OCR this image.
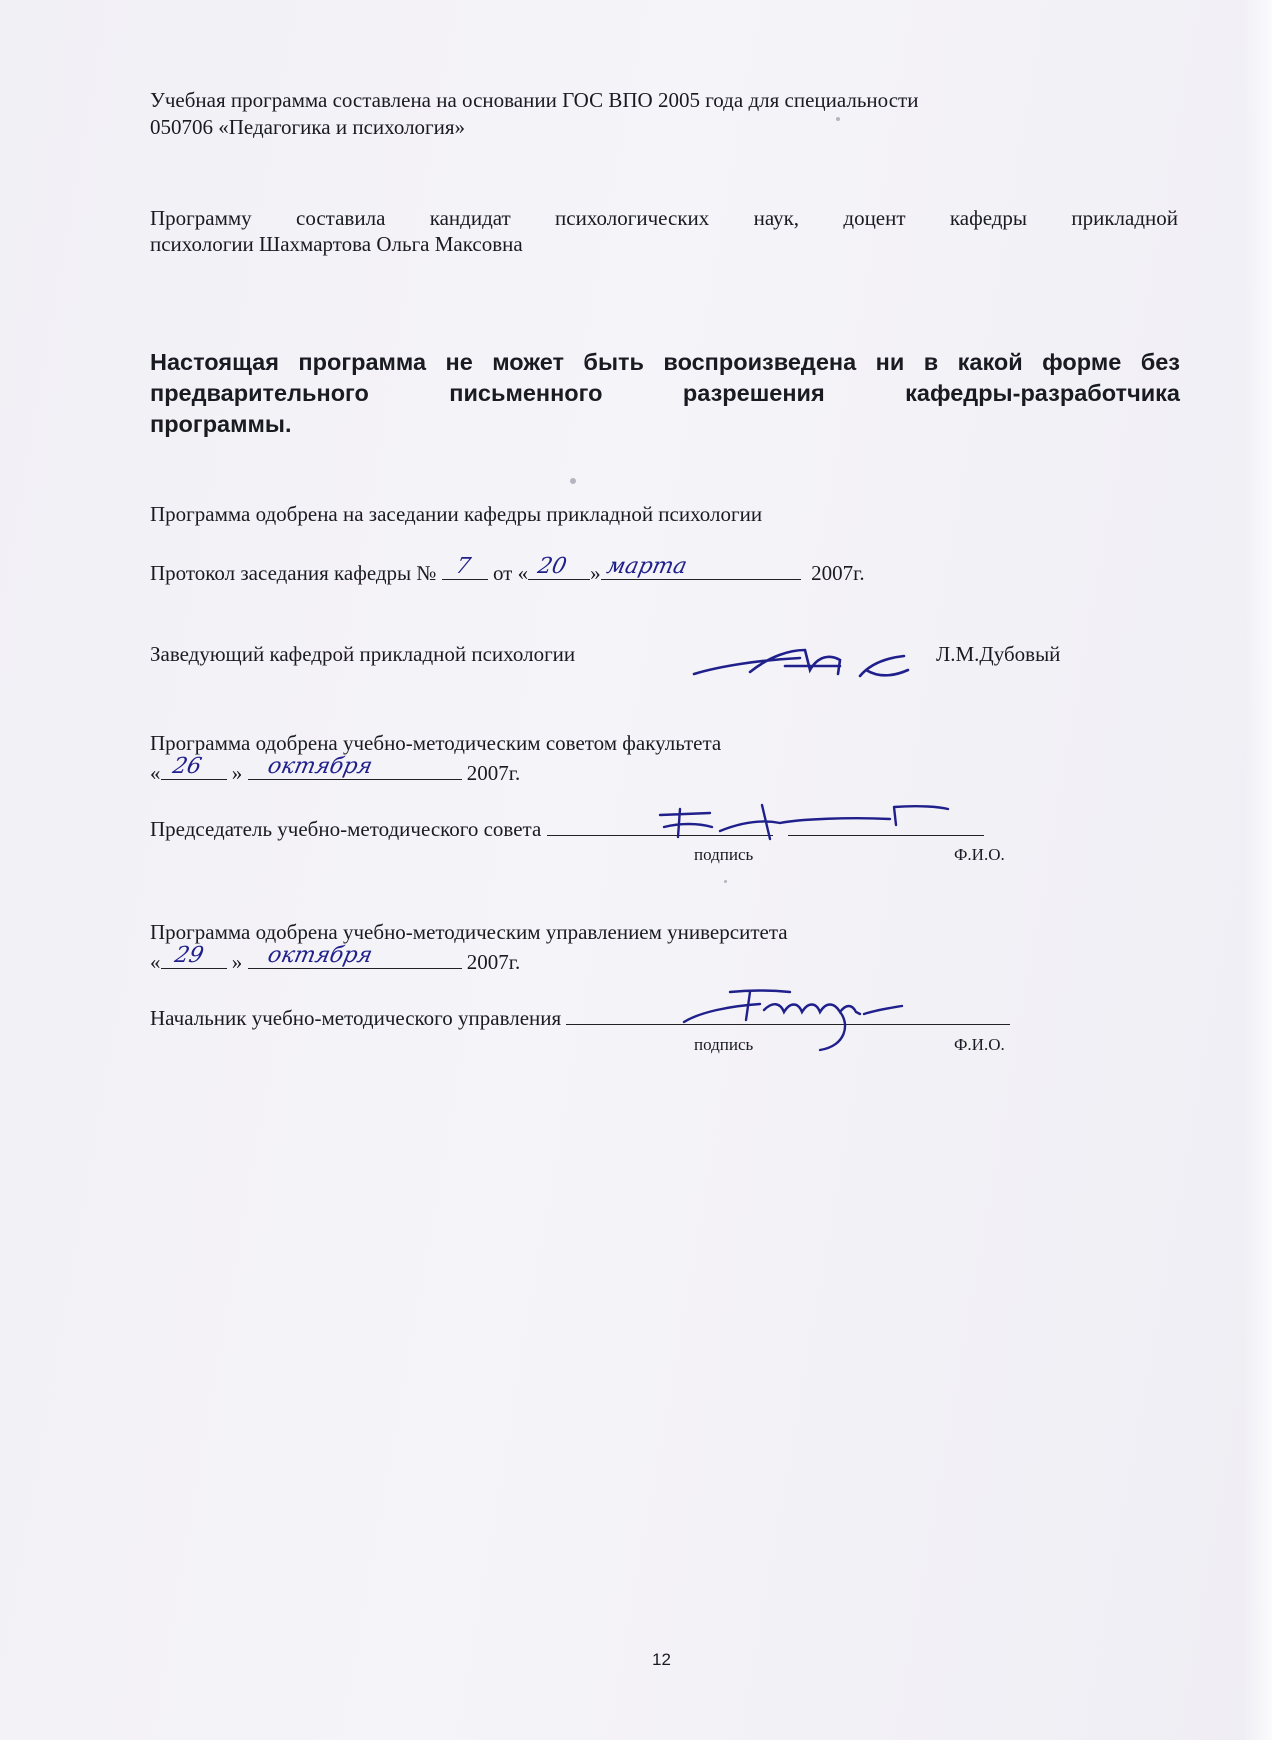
Учебная программа составлена на основании ГОС ВПО 2005 года для специальности
050706 «Педагогика и психология»
Программу составила кандидат психологических наук, доцент кафедры прикладной
психологии Шахмартова Ольга Максовна
Настоящая программа не может быть воспроизведена ни в какой форме без
предварительного письменного разрешения кафедры-разработчика
программы.
Программа одобрена на заседании кафедры прикладной психологии
Протокол заседания кафедры № 7 от « 20 » марта	2007г.
Заведующий кафедрой прикладной психологии	Л.М.Дубовый
Программа одобрена учебно-методическим советом факультета
« 26 » октября	2007г.
Председатель учебно-методического совета
подпись	Ф.И.О.
Программа одобрена учебно-методическим управлением университета
« 29 » октября	2007г.
Начальник учебно-методического управления
подпись	Ф.И.О.
12
